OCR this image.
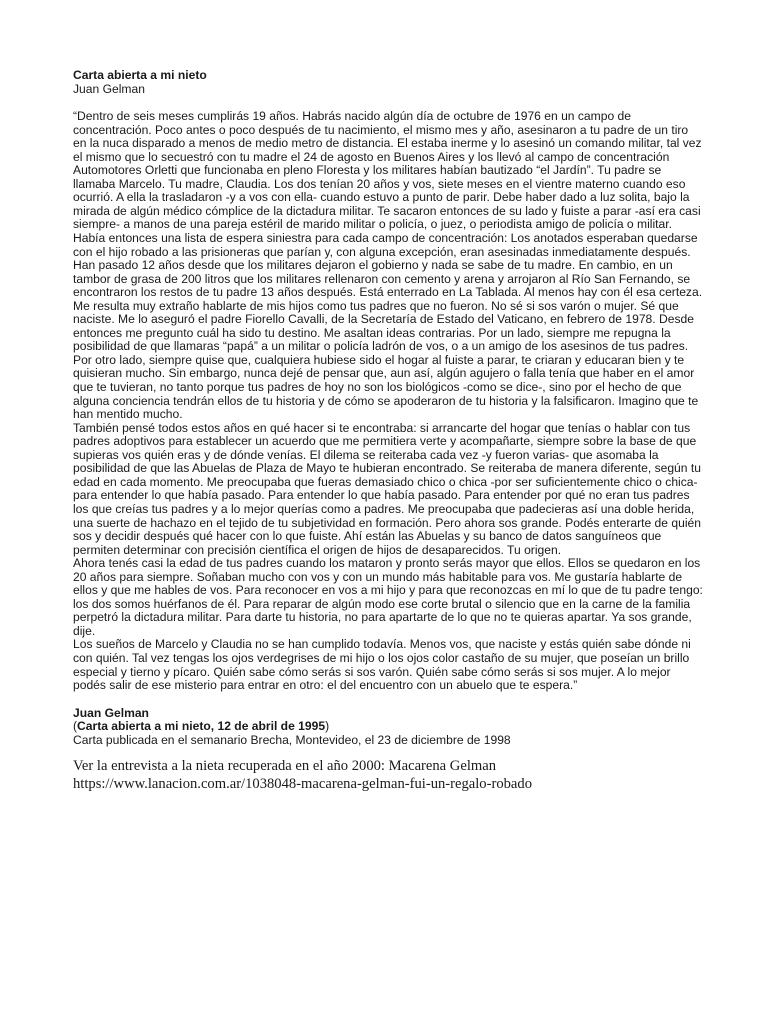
Carta abierta a mi nieto
Juan Gelman

“Dentro de seis meses cumplirás 19 años. Habrás nacido algún día de octubre de 1976 en un campo de concentración. Poco antes o poco después de tu nacimiento, el mismo mes y año, asesinaron a tu padre de un tiro en la nuca disparado a menos de medio metro de distancia. El estaba inerme y lo asesinó un comando militar, tal vez el mismo que lo secuestró con tu madre el 24 de agosto en Buenos Aires y los llevó al campo de concentración Automotores Orletti que funcionaba en pleno Floresta y los militares habían bautizado “el Jardín”. Tu padre se llamaba Marcelo. Tu madre, Claudia. Los dos tenían 20 años y vos, siete meses en el vientre materno cuando eso ocurrió. A ella la trasladaron -y a vos con ella- cuando estuvo a punto de parir. Debe haber dado a luz solita, bajo la mirada de algún médico cómplice de la dictadura militar. Te sacaron entonces de su lado y fuiste a parar -así era casi siempre- a manos de una pareja estéril de marido militar o policía, o juez, o periodista amigo de policía o militar. Había entonces una lista de espera siniestra para cada campo de concentración: Los anotados esperaban quedarse con el hijo robado a las prisioneras que parían y, con alguna excepción, eran asesinadas inmediatamente después. Han pasado 12 años desde que los militares dejaron el gobierno y nada se sabe de tu madre. En cambio, en un tambor de grasa de 200 litros que los militares rellenaron con cemento y arena y arrojaron al Río San Fernando, se encontraron los restos de tu padre 13 años después. Está enterrado en La Tablada. Al menos hay con él esa certeza.

Me resulta muy extraño hablarte de mis hijos como tus padres que no fueron. No sé si sos varón o mujer. Sé que naciste. Me lo aseguró el padre Fiorello Cavalli, de la Secretaría de Estado del Vaticano, en febrero de 1978. Desde entonces me pregunto cuál ha sido tu destino. Me asaltan ideas contrarias. Por un lado, siempre me repugna la posibilidad de que llamaras “papá” a un militar o policía ladrón de vos, o a un amigo de los asesinos de tus padres. Por otro lado, siempre quise que, cualquiera hubiese sido el hogar al fuiste a parar, te criaran y educaran bien y te quisieran mucho. Sin embargo, nunca dejé de pensar que, aun así, algún agujero o falla tenía que haber en el amor que te tuvieran, no tanto porque tus padres de hoy no son los biológicos -como se dice-, sino por el hecho de que alguna conciencia tendrán ellos de tu historia y de cómo se apoderaron de tu historia y la falsificaron. Imagino que te han mentido mucho.

También pensé todos estos años en qué hacer si te encontraba: si arrancarte del hogar que tenías o hablar con tus padres adoptivos para establecer un acuerdo que me permitiera verte y acompañarte, siempre sobre la base de que supieras vos quién eras y de dónde venías. El dilema se reiteraba cada vez -y fueron varias- que asomaba la posibilidad de que las Abuelas de Plaza de Mayo te hubieran encontrado. Se reiteraba de manera diferente, según tu edad en cada momento. Me preocupaba que fueras demasiado chico o chica -por ser suficientemente chico o chica- para entender lo que había pasado. Para entender lo que había pasado. Para entender por qué no eran tus padres los que creías tus padres y a lo mejor querías como a padres. Me preocupaba que padecieras así una doble herida, una suerte de hachazo en el tejido de tu subjetividad en formación. Pero ahora sos grande. Podés enterarte de quién sos y decidir después qué hacer con lo que fuiste. Ahí están las Abuelas y su banco de datos sanguíneos que permiten determinar con precisión científica el origen de hijos de desaparecidos. Tu origen.

Ahora tenés casi la edad de tus padres cuando los mataron y pronto serás mayor que ellos. Ellos se quedaron en los 20 años para siempre. Soñaban mucho con vos y con un mundo más habitable para vos. Me gustaría hablarte de ellos y que me hables de vos. Para reconocer en vos a mi hijo y para que reconozcas en mí lo que de tu padre tengo: los dos somos huérfanos de él. Para reparar de algún modo ese corte brutal o silencio que en la carne de la familia perpetró la dictadura militar. Para darte tu historia, no para apartarte de lo que no te quieras apartar. Ya sos grande, dije.

Los sueños de Marcelo y Claudia no se han cumplido todavía. Menos vos, que naciste y estás quién sabe dónde ni con quién. Tal vez tengas los ojos verdegrises de mi hijo o los ojos color castaño de su mujer, que poseían un brillo especial y tierno y pícaro. Quién sabe cómo serás si sos varón. Quién sabe cómo serás si sos mujer. A lo mejor podés salir de ese misterio para entrar en otro: el del encuentro con un abuelo que te espera.”

Juan Gelman
(Carta abierta a mi nieto, 12 de abril de 1995)
Carta publicada en el semanario Brecha, Montevideo, el 23 de diciembre de 1998
Ver la entrevista a la nieta recuperada en el año 2000: Macarena Gelman
https://www.lanacion.com.ar/1038048-macarena-gelman-fui-un-regalo-robado
